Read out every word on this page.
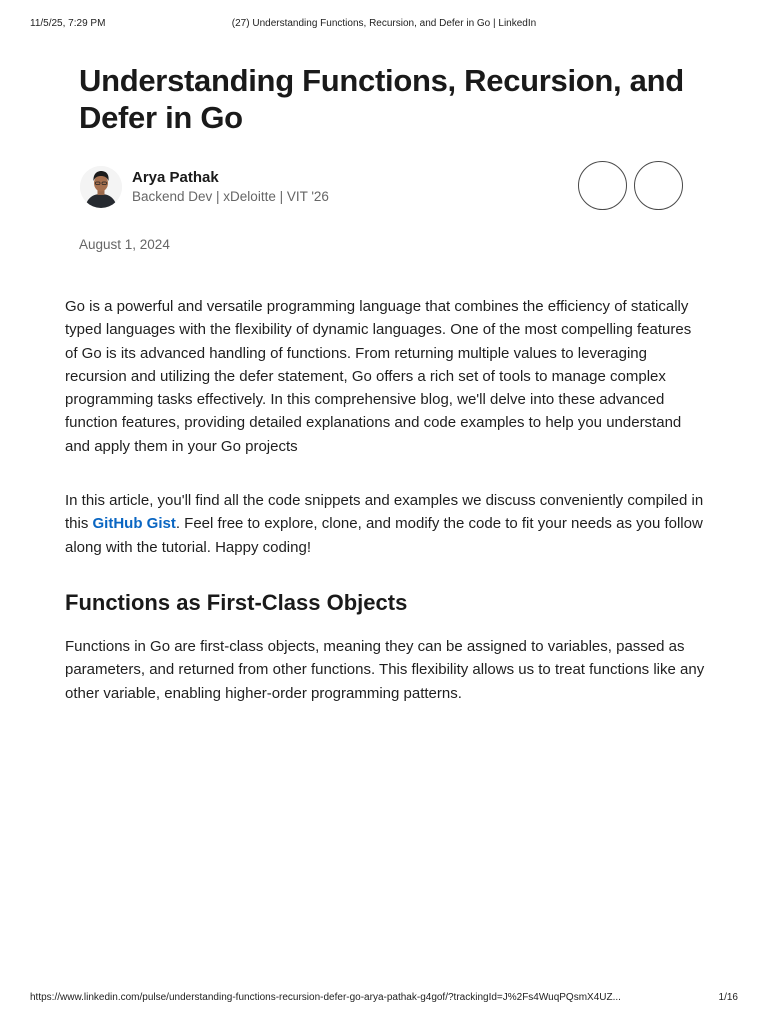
11/5/25, 7:29 PM	(27) Understanding Functions, Recursion, and Defer in Go | LinkedIn
Understanding Functions, Recursion, and Defer in Go
Arya Pathak
Backend Dev | xDeloitte | VIT '26
August 1, 2024

Go is a powerful and versatile programming language that combines the efficiency of statically typed languages with the flexibility of dynamic languages. One of the most compelling features of Go is its advanced handling of functions. From returning multiple values to leveraging recursion and utilizing the defer statement, Go offers a rich set of tools to manage complex programming tasks effectively. In this comprehensive blog, we'll delve into these advanced function features, providing detailed explanations and code examples to help you understand and apply them in your Go projects

In this article, you'll find all the code snippets and examples we discuss conveniently compiled in this GitHub Gist. Feel free to explore, clone, and modify the code to fit your needs as you follow along with the tutorial. Happy coding!

Functions as First-Class Objects

Functions in Go are first-class objects, meaning they can be assigned to variables, passed as parameters, and returned from other functions. This flexibility allows us to treat functions like any other variable, enabling higher-order programming patterns.

https://www.linkedin.com/pulse/understanding-functions-recursion-defer-go-arya-pathak-g4gof/?trackingId=J%2Fs4WuqPQsmX4UZ...	1/16
